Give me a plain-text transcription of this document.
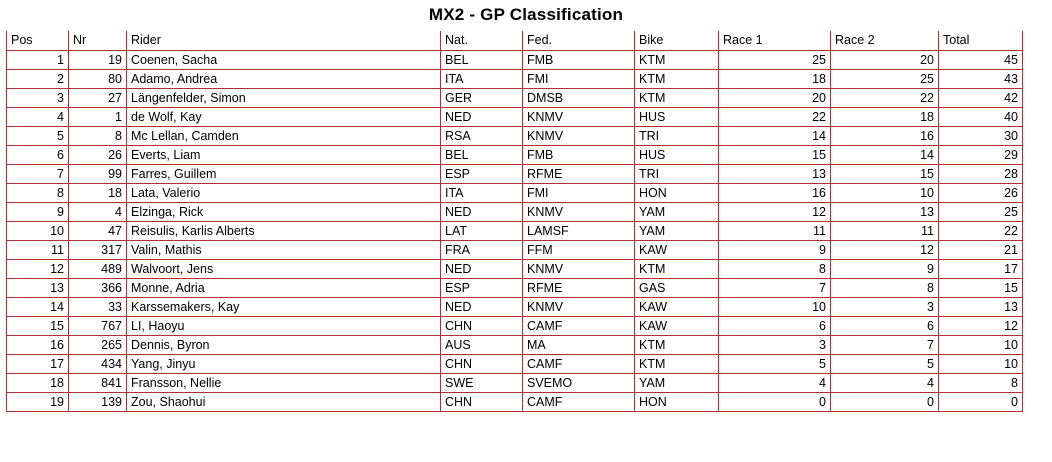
MX2 - GP Classification
Pos	Nr	Rider	Nat.	Fed.	Bike	Race 1	Race 2	Total
1	19	Coenen, Sacha	BEL	FMB	KTM	25	20	45
2	80	Adamo, Andrea	ITA	FMI	KTM	18	25	43
3	27	Längenfelder, Simon	GER	DMSB	KTM	20	22	42
4	1	de Wolf, Kay	NED	KNMV	HUS	22	18	40
5	8	Mc Lellan, Camden	RSA	KNMV	TRI	14	16	30
6	26	Everts, Liam	BEL	FMB	HUS	15	14	29
7	99	Farres, Guillem	ESP	RFME	TRI	13	15	28
8	18	Lata, Valerio	ITA	FMI	HON	16	10	26
9	4	Elzinga, Rick	NED	KNMV	YAM	12	13	25
10	47	Reisulis, Karlis Alberts	LAT	LAMSF	YAM	11	11	22
11	317	Valin, Mathis	FRA	FFM	KAW	9	12	21
12	489	Walvoort, Jens	NED	KNMV	KTM	8	9	17
13	366	Monne, Adria	ESP	RFME	GAS	7	8	15
14	33	Karssemakers, Kay	NED	KNMV	KAW	10	3	13
15	767	LI, Haoyu	CHN	CAMF	KAW	6	6	12
16	265	Dennis, Byron	AUS	MA	KTM	3	7	10
17	434	Yang, Jinyu	CHN	CAMF	KTM	5	5	10
18	841	Fransson, Nellie	SWE	SVEMO	YAM	4	4	8
19	139	Zou, Shaohui	CHN	CAMF	HON	0	0	0
